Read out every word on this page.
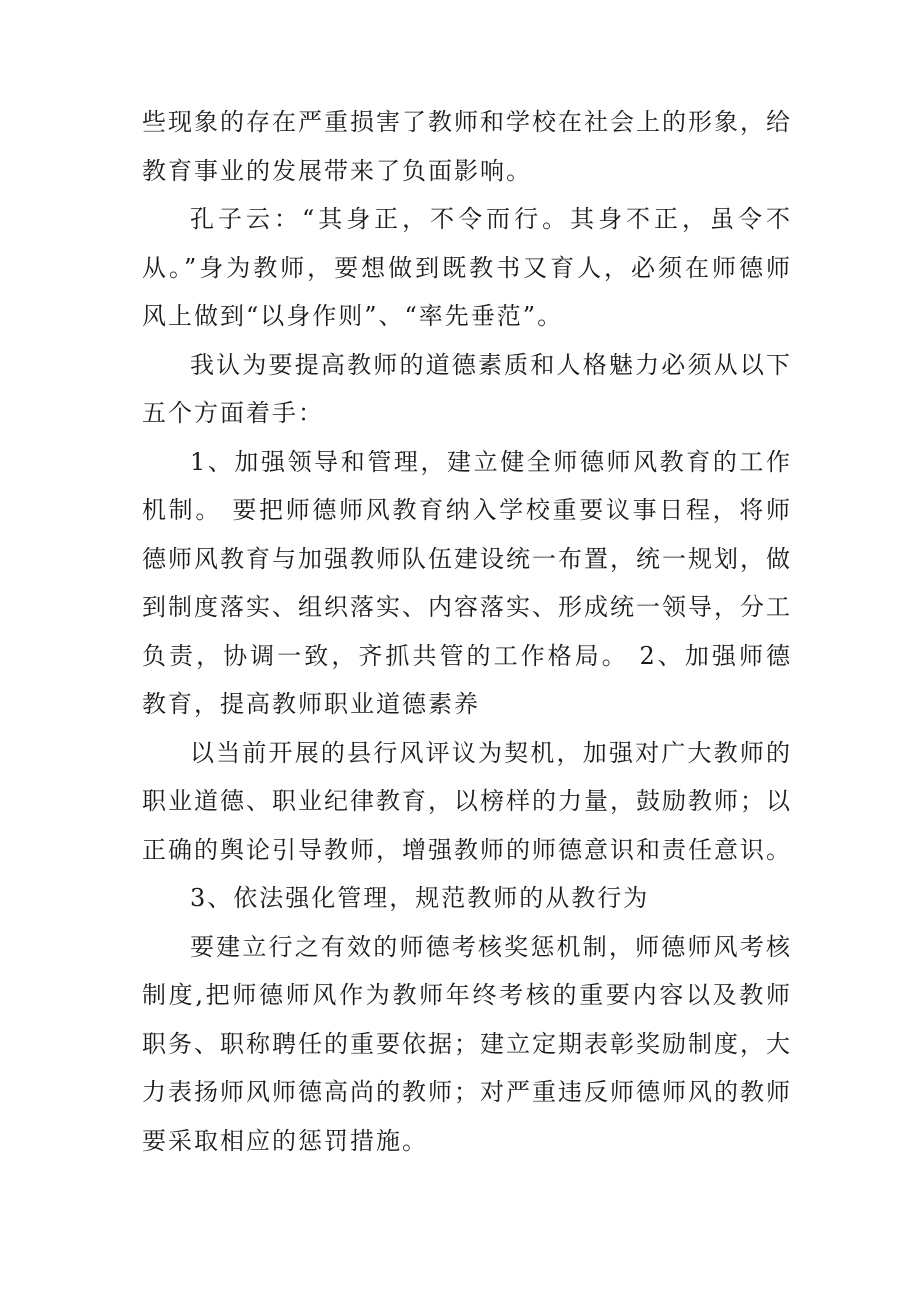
些现象的存在严重损害了教师和学校在社会上的形象，给教育事业的发展带来了负面影响。

孔子云：“其身正，不令而行。其身不正，虽令不从。”身为教师，要想做到既教书又育人，必须在师德师风上做到“以身作则”、“率先垂范”。

我认为要提高教师的道德素质和人格魅力必须从以下五个方面着手：

1、加强领导和管理，建立健全师德师风教育的工作机制。 要把师德师风教育纳入学校重要议事日程，将师德师风教育与加强教师队伍建设统一布置，统一规划，做到制度落实、组织落实、内容落实、形成统一领导，分工负责，协调一致，齐抓共管的工作格局。 2、加强师德教育，提高教师职业道德素养

以当前开展的县行风评议为契机，加强对广大教师的职业道德、职业纪律教育，以榜样的力量，鼓励教师；以正确的舆论引导教师，增强教师的师德意识和责任意识。

3、依法强化管理，规范教师的从教行为

要建立行之有效的师德考核奖惩机制，师德师风考核制度,把师德师风作为教师年终考核的重要内容以及教师职务、职称聘任的重要依据；建立定期表彰奖励制度，大力表扬师风师德高尚的教师；对严重违反师德师风的教师要采取相应的惩罚措施。
